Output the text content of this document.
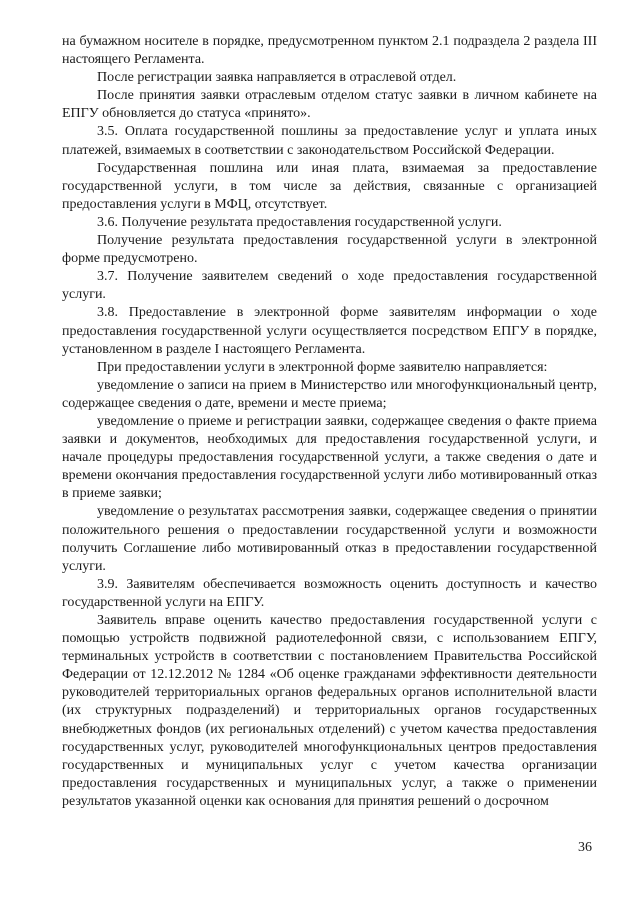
на бумажном носителе в порядке, предусмотренном пунктом 2.1 подраздела 2 раздела III настоящего Регламента.

После регистрации заявка направляется в отраслевой отдел.

После принятия заявки отраслевым отделом статус заявки в личном кабинете на ЕПГУ обновляется до статуса «принято».

3.5. Оплата государственной пошлины за предоставление услуг и уплата иных платежей, взимаемых в соответствии с законодательством Российской Федерации.

Государственная пошлина или иная плата, взимаемая за предоставление государственной услуги, в том числе за действия, связанные с организацией предоставления услуги в МФЦ, отсутствует.

3.6. Получение результата предоставления государственной услуги.

Получение результата предоставления государственной услуги в электронной форме предусмотрено.

3.7. Получение заявителем сведений о ходе предоставления государственной услуги.

3.8. Предоставление в электронной форме заявителям информации о ходе предоставления государственной услуги осуществляется посредством ЕПГУ в порядке, установленном в разделе I настоящего Регламента.

При предоставлении услуги в электронной форме заявителю направляется:

уведомление о записи на прием в Министерство или многофункциональный центр, содержащее сведения о дате, времени и месте приема;

уведомление о приеме и регистрации заявки, содержащее сведения о факте приема заявки и документов, необходимых для предоставления государственной услуги, и начале процедуры предоставления государственной услуги, а также сведения о дате и времени окончания предоставления государственной услуги либо мотивированный отказ в приеме заявки;

уведомление о результатах рассмотрения заявки, содержащее сведения о принятии положительного решения о предоставлении государственной услуги и возможности получить Соглашение либо мотивированный отказ в предоставлении государственной услуги.

3.9. Заявителям обеспечивается возможность оценить доступность и качество государственной услуги на ЕПГУ.

Заявитель вправе оценить качество предоставления государственной услуги с помощью устройств подвижной радиотелефонной связи, с использованием ЕПГУ, терминальных устройств в соответствии с постановлением Правительства Российской Федерации от 12.12.2012 № 1284 «Об оценке гражданами эффективности деятельности руководителей территориальных органов федеральных органов исполнительной власти (их структурных подразделений) и территориальных органов государственных внебюджетных фондов (их региональных отделений) с учетом качества предоставления государственных услуг, руководителей многофункциональных центров предоставления государственных и муниципальных услуг с учетом качества организации предоставления государственных и муниципальных услуг, а также о применении результатов указанной оценки как основания для принятия решений о досрочном

36
